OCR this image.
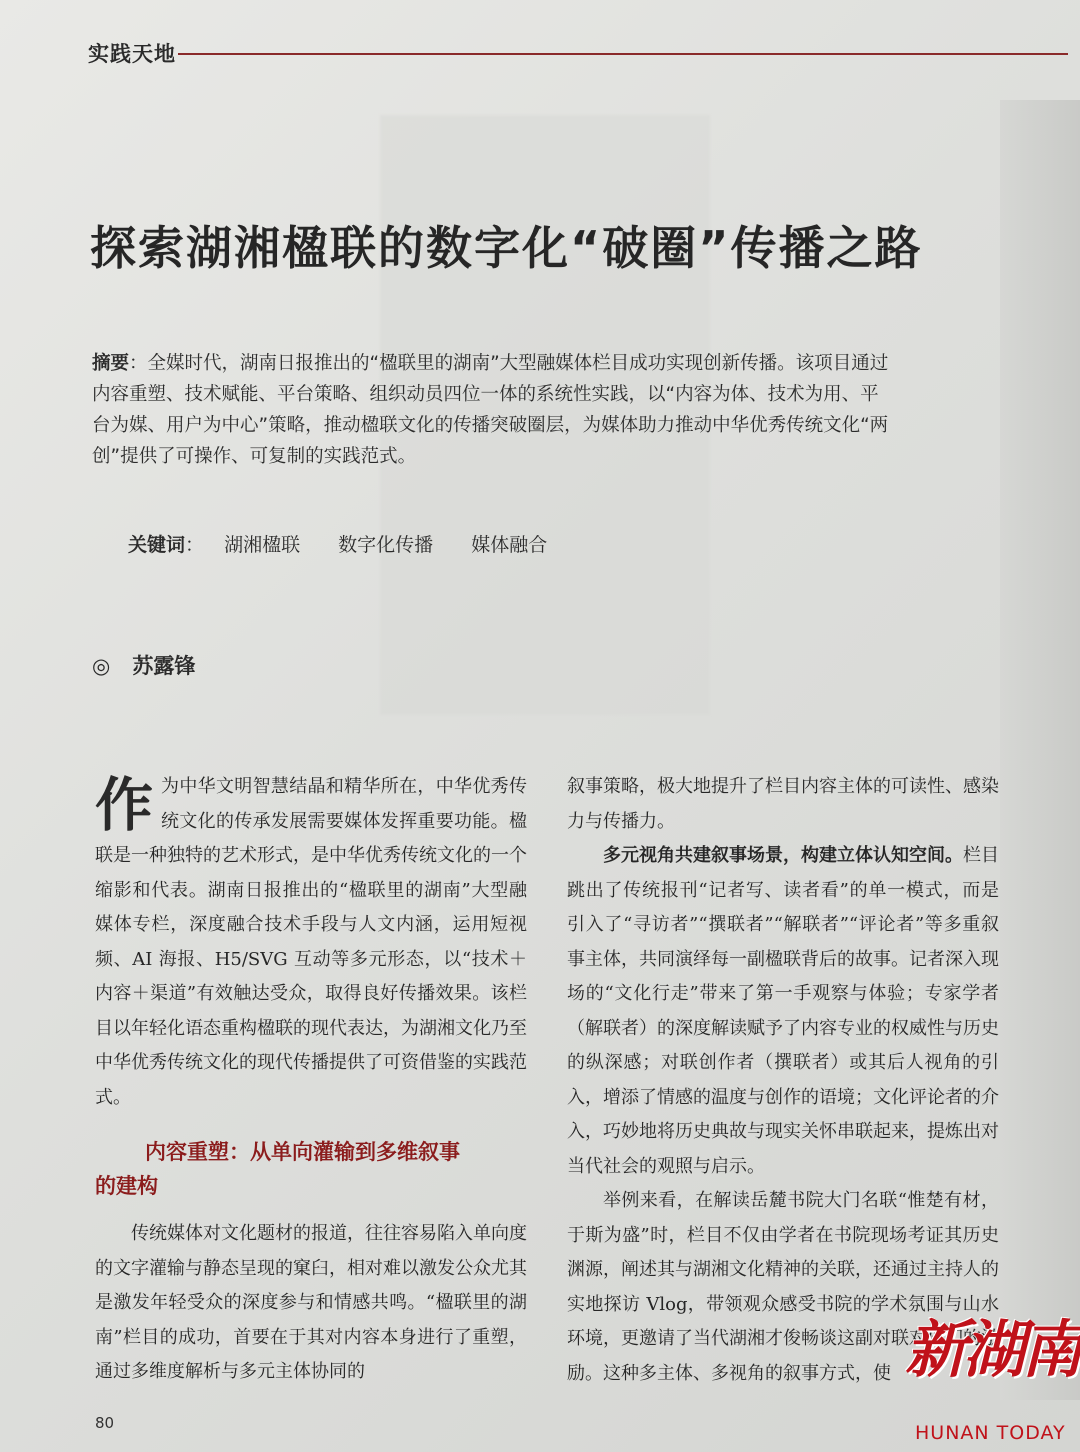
实践天地
探索湖湘楹联的数字化“破圈”传播之路
摘要：全媒时代，湖南日报推出的“楹联里的湖南”大型融媒体栏目成功实现创新传播。该项目通过内容重塑、技术赋能、平台策略、组织动员四位一体的系统性实践，以“内容为体、技术为用、平台为媒、用户为中心”策略，推动楹联文化的传播突破圈层，为媒体助力推动中华优秀传统文化“两创”提供了可操作、可复制的实践范式。
关键词： 湖湘楹联 数字化传播 媒体融合
◎ 苏露锋

作为中华文明智慧结晶和精华所在，中华优秀传统文化的传承发展需要媒体发挥重要功能。楹联是一种独特的艺术形式，是中华优秀传统文化的一个缩影和代表。湖南日报推出的“楹联里的湖南”大型融媒体专栏，深度融合技术手段与人文内涵，运用短视频、AI 海报、H5/SVG 互动等多元形态，以“技术＋内容＋渠道”有效触达受众，取得良好传播效果。该栏目以年轻化语态重构楹联的现代表达，为湖湘文化乃至中华优秀传统文化的现代传播提供了可资借鉴的实践范式。

内容重塑：从单向灌输到多维叙事
的建构

传统媒体对文化题材的报道，往往容易陷入单向度的文字灌输与静态呈现的窠臼，相对难以激发公众尤其是激发年轻受众的深度参与和情感共鸣。“楹联里的湖南”栏目的成功，首要在于其对内容本身进行了重塑，通过多维度解析与多元主体协同的

叙事策略，极大地提升了栏目内容主体的可读性、感染力与传播力。

多元视角共建叙事场景，构建立体认知空间。栏目跳出了传统报刊“记者写、读者看”的单一模式，而是引入了“寻访者”“撰联者”“解联者”“评论者”等多重叙事主体，共同演绎每一副楹联背后的故事。记者深入现场的“文化行走”带来了第一手观察与体验；专家学者（解联者）的深度解读赋予了内容专业的权威性与历史的纵深感；对联创作者（撰联者）或其后人视角的引入，增添了情感的温度与创作的语境；文化评论者的介入，巧妙地将历史典故与现实关怀串联起来，提炼出对当代社会的观照与启示。

举例来看，在解读岳麓书院大门名联“惟楚有材，于斯为盛”时，栏目不仅由学者在书院现场考证其历史渊源，阐述其与湖湘文化精神的关联，还通过主持人的实地探访 Vlog，带领观众感受书院的学术氛围与山水环境，更邀请了当代湖湘才俊畅谈这副对联对他们的激励。这种多主体、多视角的叙事方式，使

80
新湖南
HUNAN TODAY
